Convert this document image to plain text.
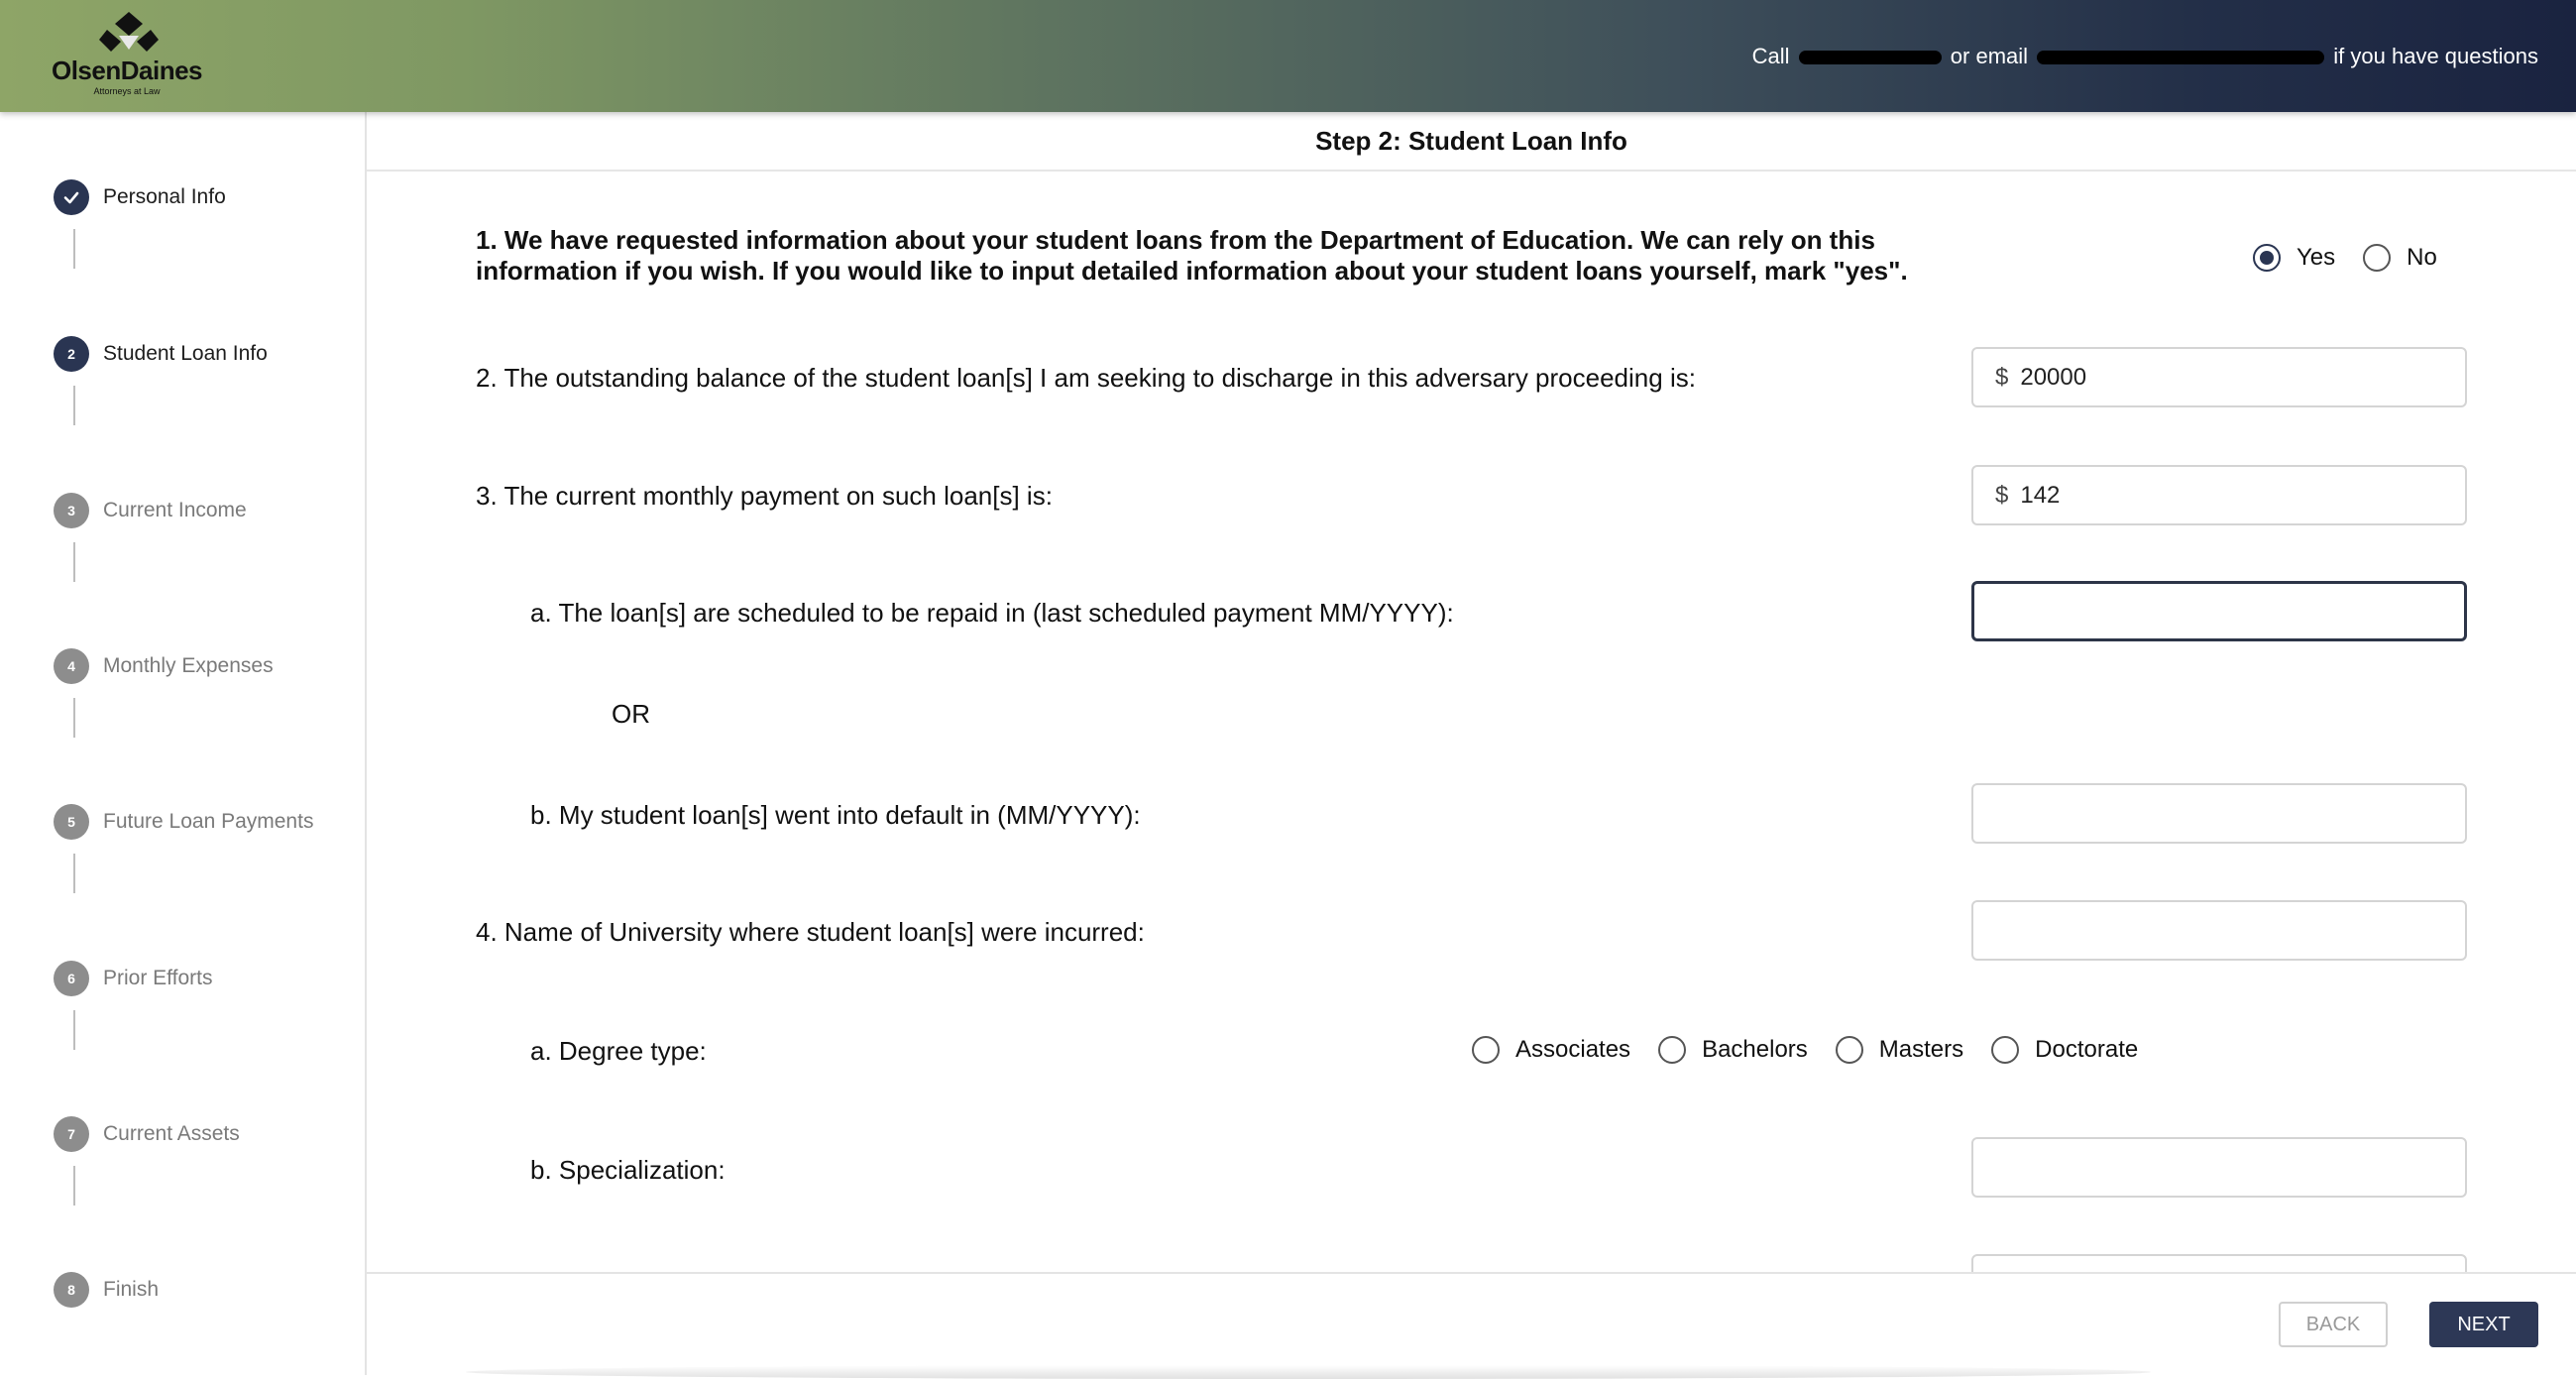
OlsenDaines
Attorneys at Law
Call	or email	if you have questions
Personal Info
2	Student Loan Info
3	Current Income
4	Monthly Expenses
5	Future Loan Payments
6	Prior Efforts
7	Current Assets
8	Finish
Step 2: Student Loan Info
1. We have requested information about your student loans from the Department of Education. We can rely on this
information if you wish. If you would like to input detailed information about your student loans yourself, mark "yes".	Yes	No
2. The outstanding balance of the student loan[s] I am seeking to discharge in this adversary proceeding is:	$ 20000
3. The current monthly payment on such loan[s] is:	$ 142
a. The loan[s] are scheduled to be repaid in (last scheduled payment MM/YYYY):
OR
b. My student loan[s] went into default in (MM/YYYY):
4. Name of University where student loan[s] were incurred:
a. Degree type:	Associates	Bachelors	Masters	Doctorate
b. Specialization:
BACK	NEXT
